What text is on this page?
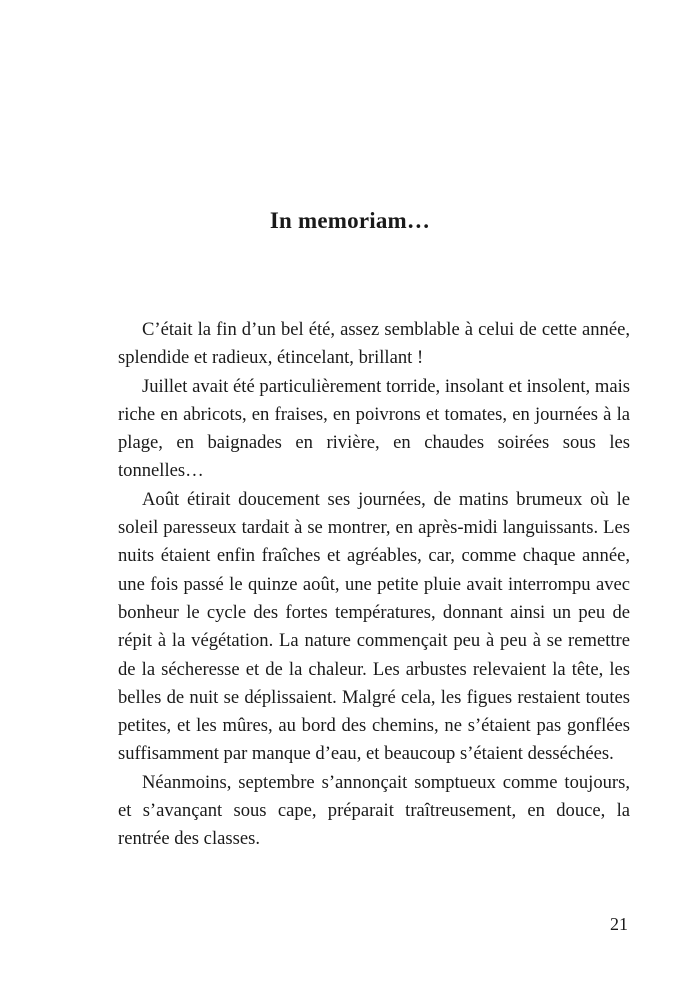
In memoriam…

C’était la fin d’un bel été, assez semblable à celui de cette année, splendide et radieux, étincelant, brillant !

Juillet avait été particulièrement torride, insolant et insolent, mais riche en abricots, en fraises, en poivrons et tomates, en journées à la plage, en baignades en rivière, en chaudes soirées sous les tonnelles…

Août étirait doucement ses journées, de matins brumeux où le soleil paresseux tardait à se montrer, en après-midi languissants. Les nuits étaient enfin fraîches et agréables, car, comme chaque année, une fois passé le quinze août, une petite pluie avait interrompu avec bonheur le cycle des fortes températures, donnant ainsi un peu de répit à la végétation. La nature commençait peu à peu à se remettre de la sécheresse et de la chaleur. Les arbustes relevaient la tête, les belles de nuit se déplissaient. Malgré cela, les figues restaient toutes petites, et les mûres, au bord des chemins, ne s’étaient pas gonflées suffisamment par manque d’eau, et beaucoup s’étaient desséchées.

Néanmoins, septembre s’annonçait somptueux comme toujours, et s’avançant sous cape, préparait traîtreusement, en douce, la rentrée des classes.

21
